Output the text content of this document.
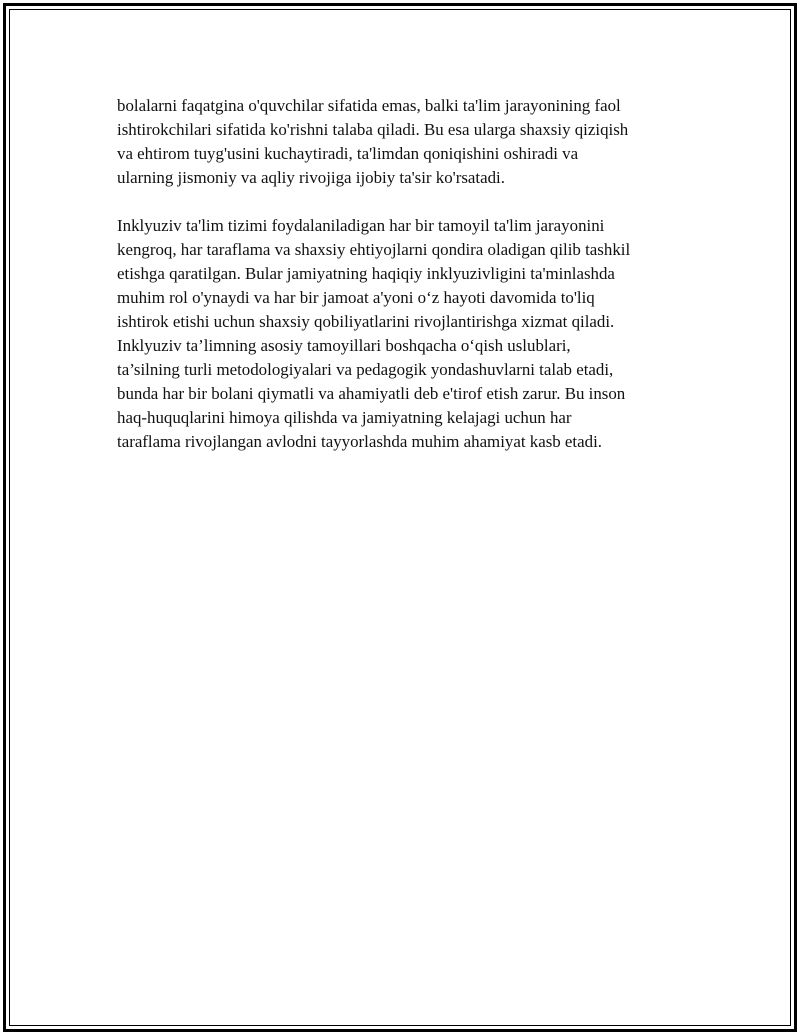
bolalarni faqatgina o'quvchilar sifatida emas, balki ta'lim jarayonining faol
ishtirokchilari sifatida ko'rishni talaba qiladi. Bu esa ularga shaxsiy qiziqish
va ehtirom tuyg'usini kuchaytiradi, ta'limdan qoniqishini oshiradi va
ularning jismoniy va aqliy rivojiga ijobiy ta'sir ko'rsatadi.

Inklyuziv ta'lim tizimi foydalaniladigan har bir tamoyil ta'lim jarayonini
kengroq, har taraflama va shaxsiy ehtiyojlarni qondira oladigan qilib tashkil
etishga qaratilgan. Bular jamiyatning haqiqiy inklyuzivligini ta'minlashda
muhim rol o'ynaydi va har bir jamoat a'yoni o‘z hayoti davomida to'liq
ishtirok etishi uchun shaxsiy qobiliyatlarini rivojlantirishga xizmat qiladi.
Inklyuziv ta’limning asosiy tamoyillari boshqacha o‘qish uslublari,
ta’silning turli metodologiyalari va pedagogik yondashuvlarni talab etadi,
bunda har bir bolani qiymatli va ahamiyatli deb e'tirof etish zarur. Bu inson
haq-huquqlarini himoya qilishda va jamiyatning kelajagi uchun har
taraflama rivojlangan avlodni tayyorlashda muhim ahamiyat kasb etadi.
